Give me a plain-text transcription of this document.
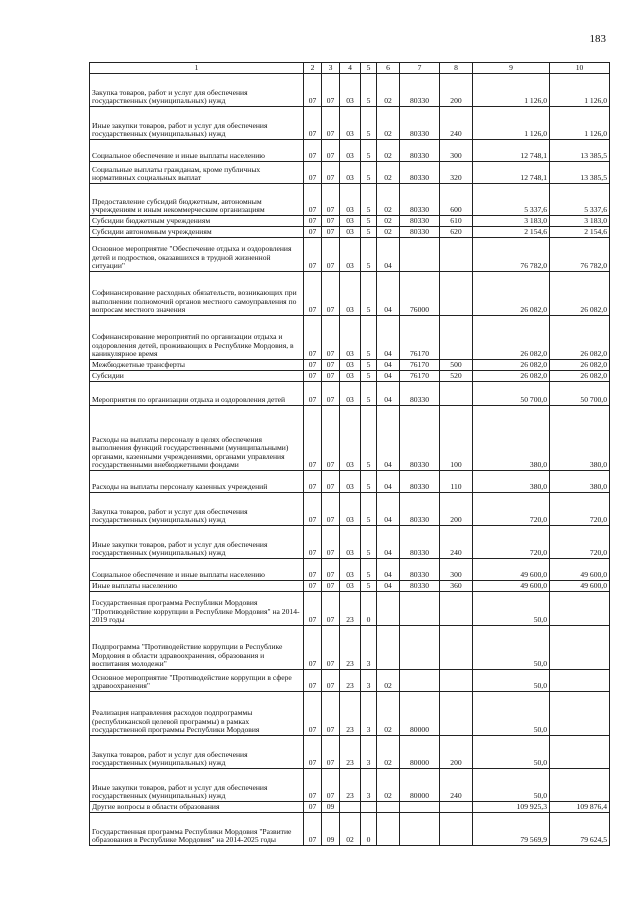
183
1	2	3	4	5	6	7	8	9	10
Закупка товаров, работ и услуг для обеспечения государственных (муниципальных) нужд	07	07	03	5	02	80330	200	1 126,0	1 126,0
Иные закупки товаров, работ и услуг для обеспечения государственных (муниципальных) нужд	07	07	03	5	02	80330	240	1 126,0	1 126,0
Социальное обеспечение и иные выплаты населению	07	07	03	5	02	80330	300	12 748,1	13 385,5
Социальные выплаты гражданам, кроме публичных нормативных социальных выплат	07	07	03	5	02	80330	320	12 748,1	13 385,5
Предоставление субсидий бюджетным, автономным учреждениям и иным некоммерческим организациям	07	07	03	5	02	80330	600	5 337,6	5 337,6
Субсидии бюджетным учреждениям	07	07	03	5	02	80330	610	3 183,0	3 183,0
Субсидии автономным учреждениям	07	07	03	5	02	80330	620	2 154,6	2 154,6
Основное мероприятие "Обеспечение отдыха и оздоровления детей и подростков, оказавшихся в трудной жизненной ситуации"	07	07	03	5	04			76 782,0	76 782,0
Софинансирование расходных обязательств, возникающих при выполнении полномочий органов местного самоуправления по вопросам местного значения	07	07	03	5	04	76000		26 082,0	26 082,0
Софинансирование мероприятий по организации отдыха и оздоровления детей, проживающих в Республике Мордовия, в каникулярное время	07	07	03	5	04	76170		26 082,0	26 082,0
Межбюджетные трансферты	07	07	03	5	04	76170	500	26 082,0	26 082,0
Субсидии	07	07	03	5	04	76170	520	26 082,0	26 082,0
Мероприятия по организации отдыха и оздоровления детей	07	07	03	5	04	80330		50 700,0	50 700,0
Расходы на выплаты персоналу в целях обеспечения выполнения функций государственными (муниципальными) органами, казенными учреждениями, органами управления государственными внебюджетными фондами	07	07	03	5	04	80330	100	380,0	380,0
Расходы на выплаты персоналу казенных учреждений	07	07	03	5	04	80330	110	380,0	380,0
Закупка товаров, работ и услуг для обеспечения государственных (муниципальных) нужд	07	07	03	5	04	80330	200	720,0	720,0
Иные закупки товаров, работ и услуг для обеспечения государственных (муниципальных) нужд	07	07	03	5	04	80330	240	720,0	720,0
Социальное обеспечение и иные выплаты населению	07	07	03	5	04	80330	300	49 600,0	49 600,0
Иные выплаты населению	07	07	03	5	04	80330	360	49 600,0	49 600,0
Государственная программа Республики Мордовия "Противодействие коррупции в Республике Мордовия" на 2014-2019 годы	07	07	23	0				50,0	
Подпрограмма "Противодействие коррупции в Республике Мордовия в области здравоохранения, образования и воспитания молодежи"	07	07	23	3				50,0	
Основное мероприятие "Противодействие коррупции в сфере здравоохранения"	07	07	23	3	02			50,0	
Реализация направления расходов подпрограммы (республиканской целевой программы) в рамках государственной программы Республики Мордовия	07	07	23	3	02	80000		50,0	
Закупка товаров, работ и услуг для обеспечения государственных (муниципальных) нужд	07	07	23	3	02	80000	200	50,0	
Иные закупки товаров, работ и услуг для обеспечения государственных (муниципальных) нужд	07	07	23	3	02	80000	240	50,0	
Другие вопросы в области образования	07	09						109 925,3	109 876,4
Государственная программа Республики Мордовия "Развитие образования в Республике Мордовия" на 2014-2025 годы	07	09	02	0				79 569,9	79 624,5
